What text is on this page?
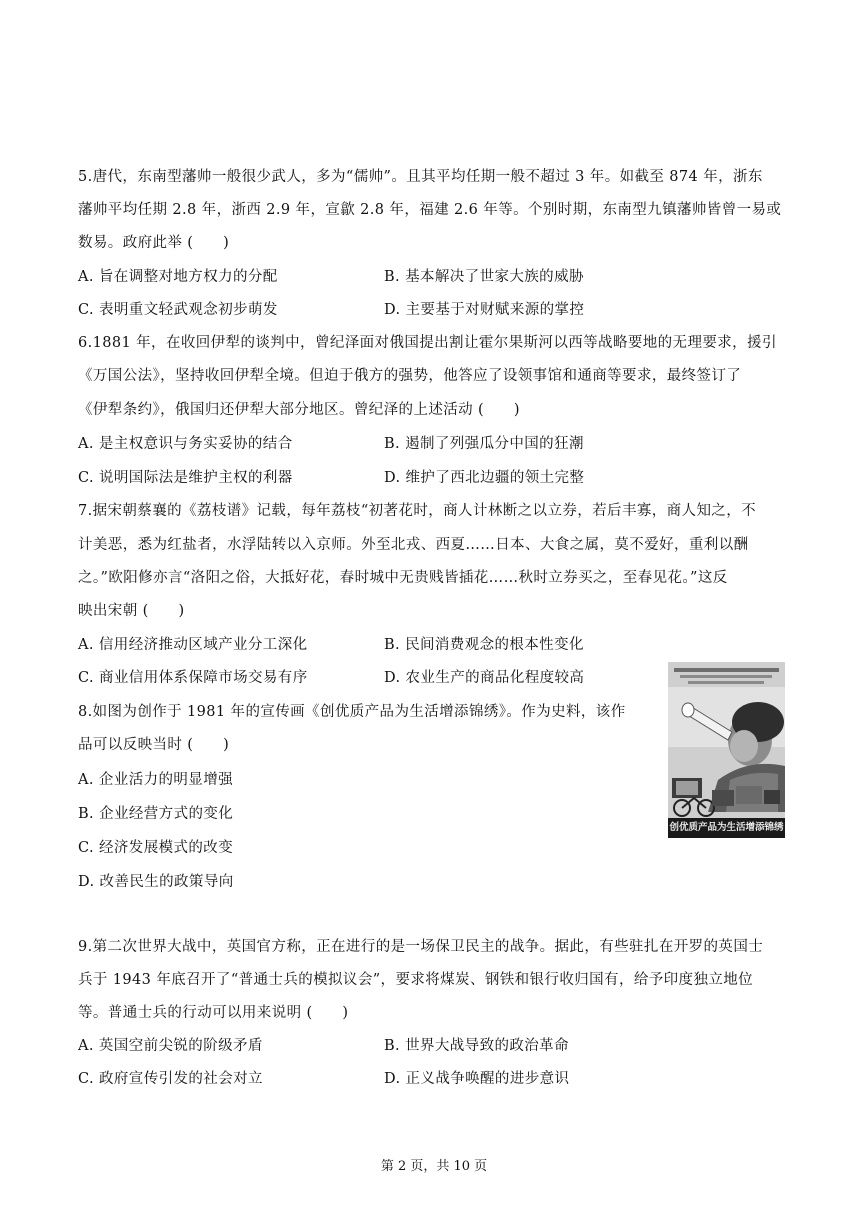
5.唐代，东南型藩帅一般很少武人，多为“儒帅”。且其平均任期一般不超过 3 年。如截至 874 年，浙东
藩帅平均任期 2.8 年，浙西 2.9 年，宣歙 2.8 年，福建 2.6 年等。个别时期，东南型九镇藩帅皆曾一易或
数易。政府此举 (　　)
A. 旨在调整对地方权力的分配	B. 基本解决了世家大族的威胁
C. 表明重文轻武观念初步萌发	D. 主要基于对财赋来源的掌控
6.1881 年，在收回伊犁的谈判中，曾纪泽面对俄国提出割让霍尔果斯河以西等战略要地的无理要求，援引
《万国公法》，坚持收回伊犁全境。但迫于俄方的强势，他答应了设领事馆和通商等要求，最终签订了
《伊犁条约》，俄国归还伊犁大部分地区。曾纪泽的上述活动 (　　)
A. 是主权意识与务实妥协的结合	B. 遏制了列强瓜分中国的狂潮
C. 说明国际法是维护主权的利器	D. 维护了西北边疆的领土完整
7.据宋朝蔡襄的《荔枝谱》记载，每年荔枝“初著花时，商人计林断之以立券，若后丰寡，商人知之，不
计美恶，悉为红盐者，水浮陆转以入京师。外至北戎、西夏……日本、大食之属，莫不爱好，重利以酬
之。”欧阳修亦言“洛阳之俗，大抵好花，春时城中无贵贱皆插花……秋时立券买之，至春见花。”这反
映出宋朝 (　　)
A. 信用经济推动区域产业分工深化	B. 民间消费观念的根本性变化
C. 商业信用体系保障市场交易有序	D. 农业生产的商品化程度较高
8.如图为创作于 1981 年的宣传画《创优质产品为生活增添锦绣》。作为史料，该作
品可以反映当时 (　　)
A. 企业活力的明显增强
B. 企业经营方式的变化
C. 经济发展模式的改变
D. 改善民生的政策导向
创优质产品为生活增添锦绣
9.第二次世界大战中，英国官方称，正在进行的是一场保卫民主的战争。据此，有些驻扎在开罗的英国士
兵于 1943 年底召开了“普通士兵的模拟议会”，要求将煤炭、钢铁和银行收归国有，给予印度独立地位
等。普通士兵的行动可以用来说明 (　　)
A. 英国空前尖锐的阶级矛盾	B. 世界大战导致的政治革命
C. 政府宣传引发的社会对立	D. 正义战争唤醒的进步意识
第 2 页，共 10 页
